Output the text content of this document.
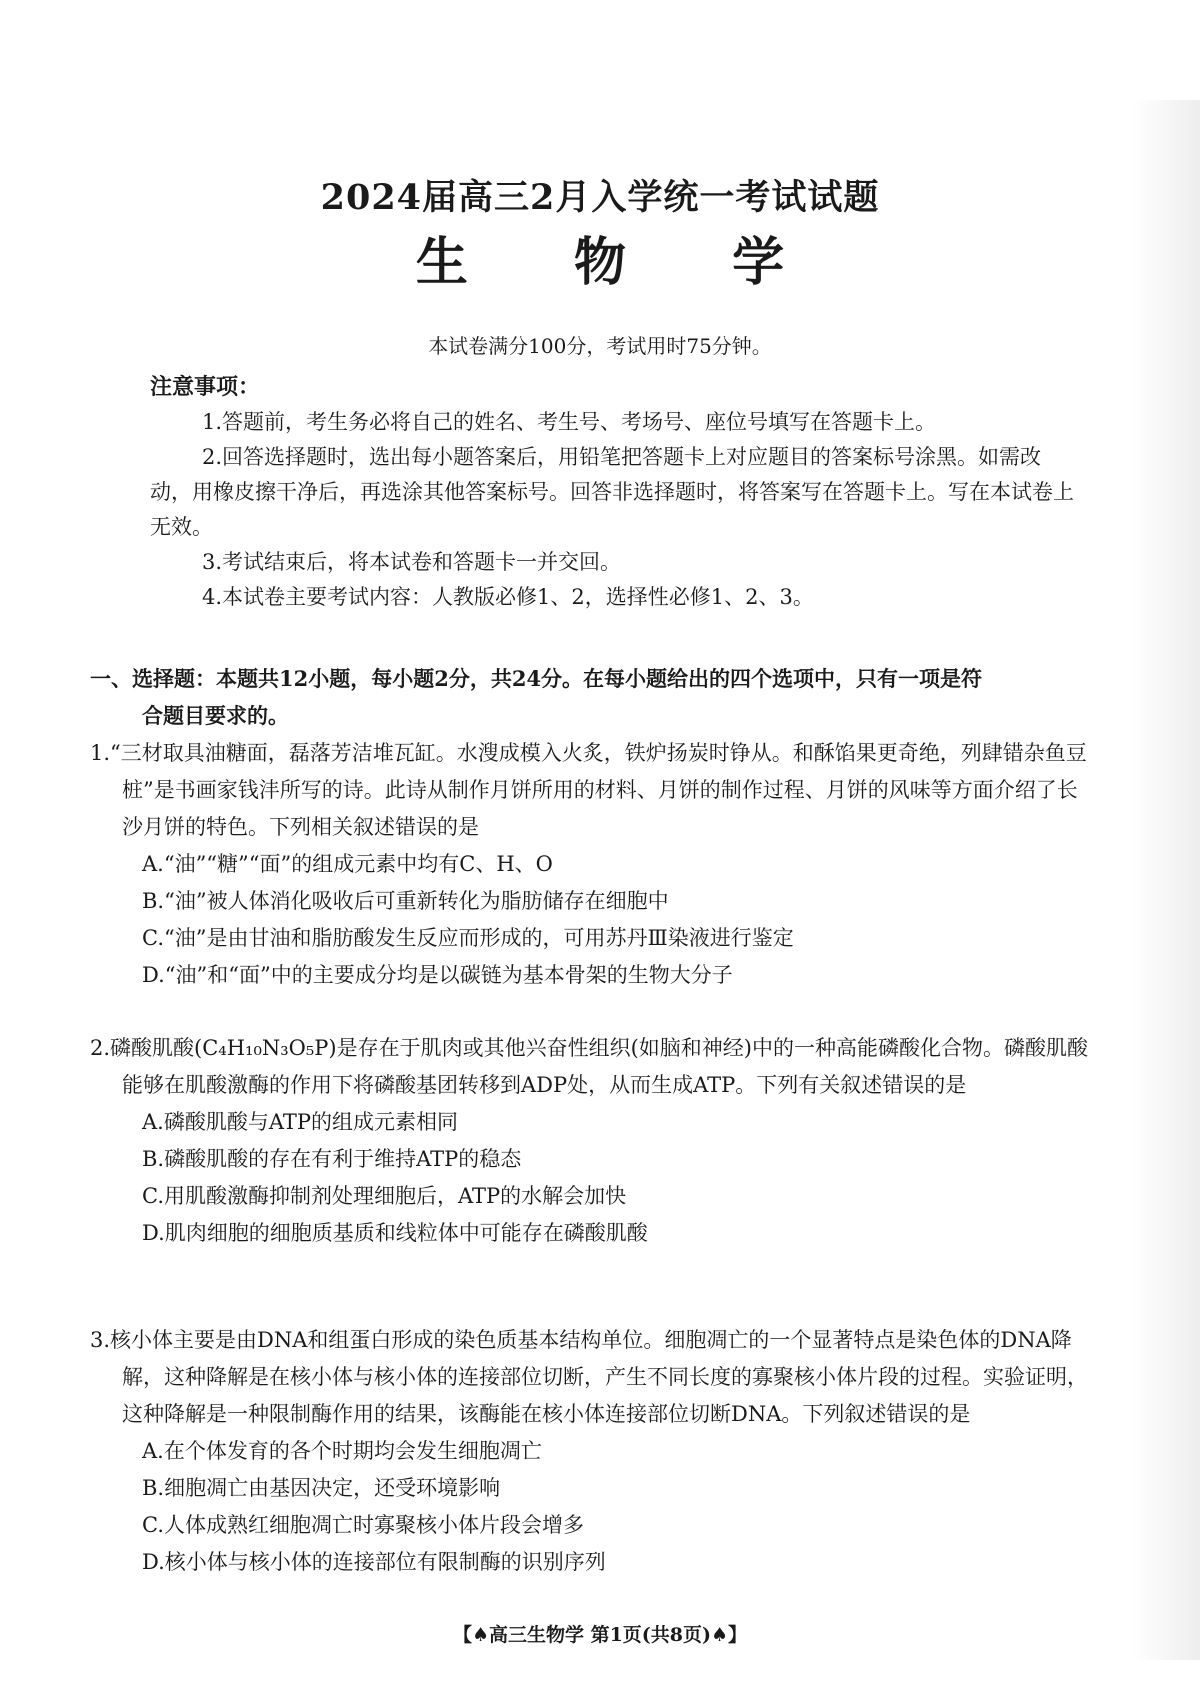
2024届高三2月入学统一考试试题
生 物 学
本试卷满分100分，考试用时75分钟。
注意事项：

1.答题前，考生务必将自己的姓名、考生号、考场号、座位号填写在答题卡上。

2.回答选择题时，选出每小题答案后，用铅笔把答题卡上对应题目的答案标号涂黑。如需改动，用橡皮擦干净后，再选涂其他答案标号。回答非选择题时，将答案写在答题卡上。写在本试卷上无效。

3.考试结束后，将本试卷和答题卡一并交回。

4.本试卷主要考试内容：人教版必修1、2，选择性必修1、2、3。

一、选择题：本题共12小题，每小题2分，共24分。在每小题给出的四个选项中，只有一项是符
合题目要求的。
1.“三材取具油糖面，磊落芳洁堆瓦缸。水溲成模入火炙，铁炉扬炭时铮从。和酥馅果更奇绝，列肆错杂鱼豆桩”是书画家钱沣所写的诗。此诗从制作月饼所用的材料、月饼的制作过程、月饼的风味等方面介绍了长沙月饼的特色。下列相关叙述错误的是
A.“油”“糖”“面”的组成元素中均有C、H、O
B.“油”被人体消化吸收后可重新转化为脂肪储存在细胞中
C.“油”是由甘油和脂肪酸发生反应而形成的，可用苏丹Ⅲ染液进行鉴定
D.“油”和“面”中的主要成分均是以碳链为基本骨架的生物大分子
2.磷酸肌酸(C₄H₁₀N₃O₅P)是存在于肌肉或其他兴奋性组织(如脑和神经)中的一种高能磷酸化合物。磷酸肌酸能够在肌酸激酶的作用下将磷酸基团转移到ADP处，从而生成ATP。下列有关叙述错误的是
A.磷酸肌酸与ATP的组成元素相同
B.磷酸肌酸的存在有利于维持ATP的稳态
C.用肌酸激酶抑制剂处理细胞后，ATP的水解会加快
D.肌肉细胞的细胞质基质和线粒体中可能存在磷酸肌酸
3.核小体主要是由DNA和组蛋白形成的染色质基本结构单位。细胞凋亡的一个显著特点是染色体的DNA降解，这种降解是在核小体与核小体的连接部位切断，产生不同长度的寡聚核小体片段的过程。实验证明，这种降解是一种限制酶作用的结果，该酶能在核小体连接部位切断DNA。下列叙述错误的是
A.在个体发育的各个时期均会发生细胞凋亡
B.细胞凋亡由基因决定，还受环境影响
C.人体成熟红细胞凋亡时寡聚核小体片段会增多
D.核小体与核小体的连接部位有限制酶的识别序列
【♠高三生物学 第1页(共8页)♠】
